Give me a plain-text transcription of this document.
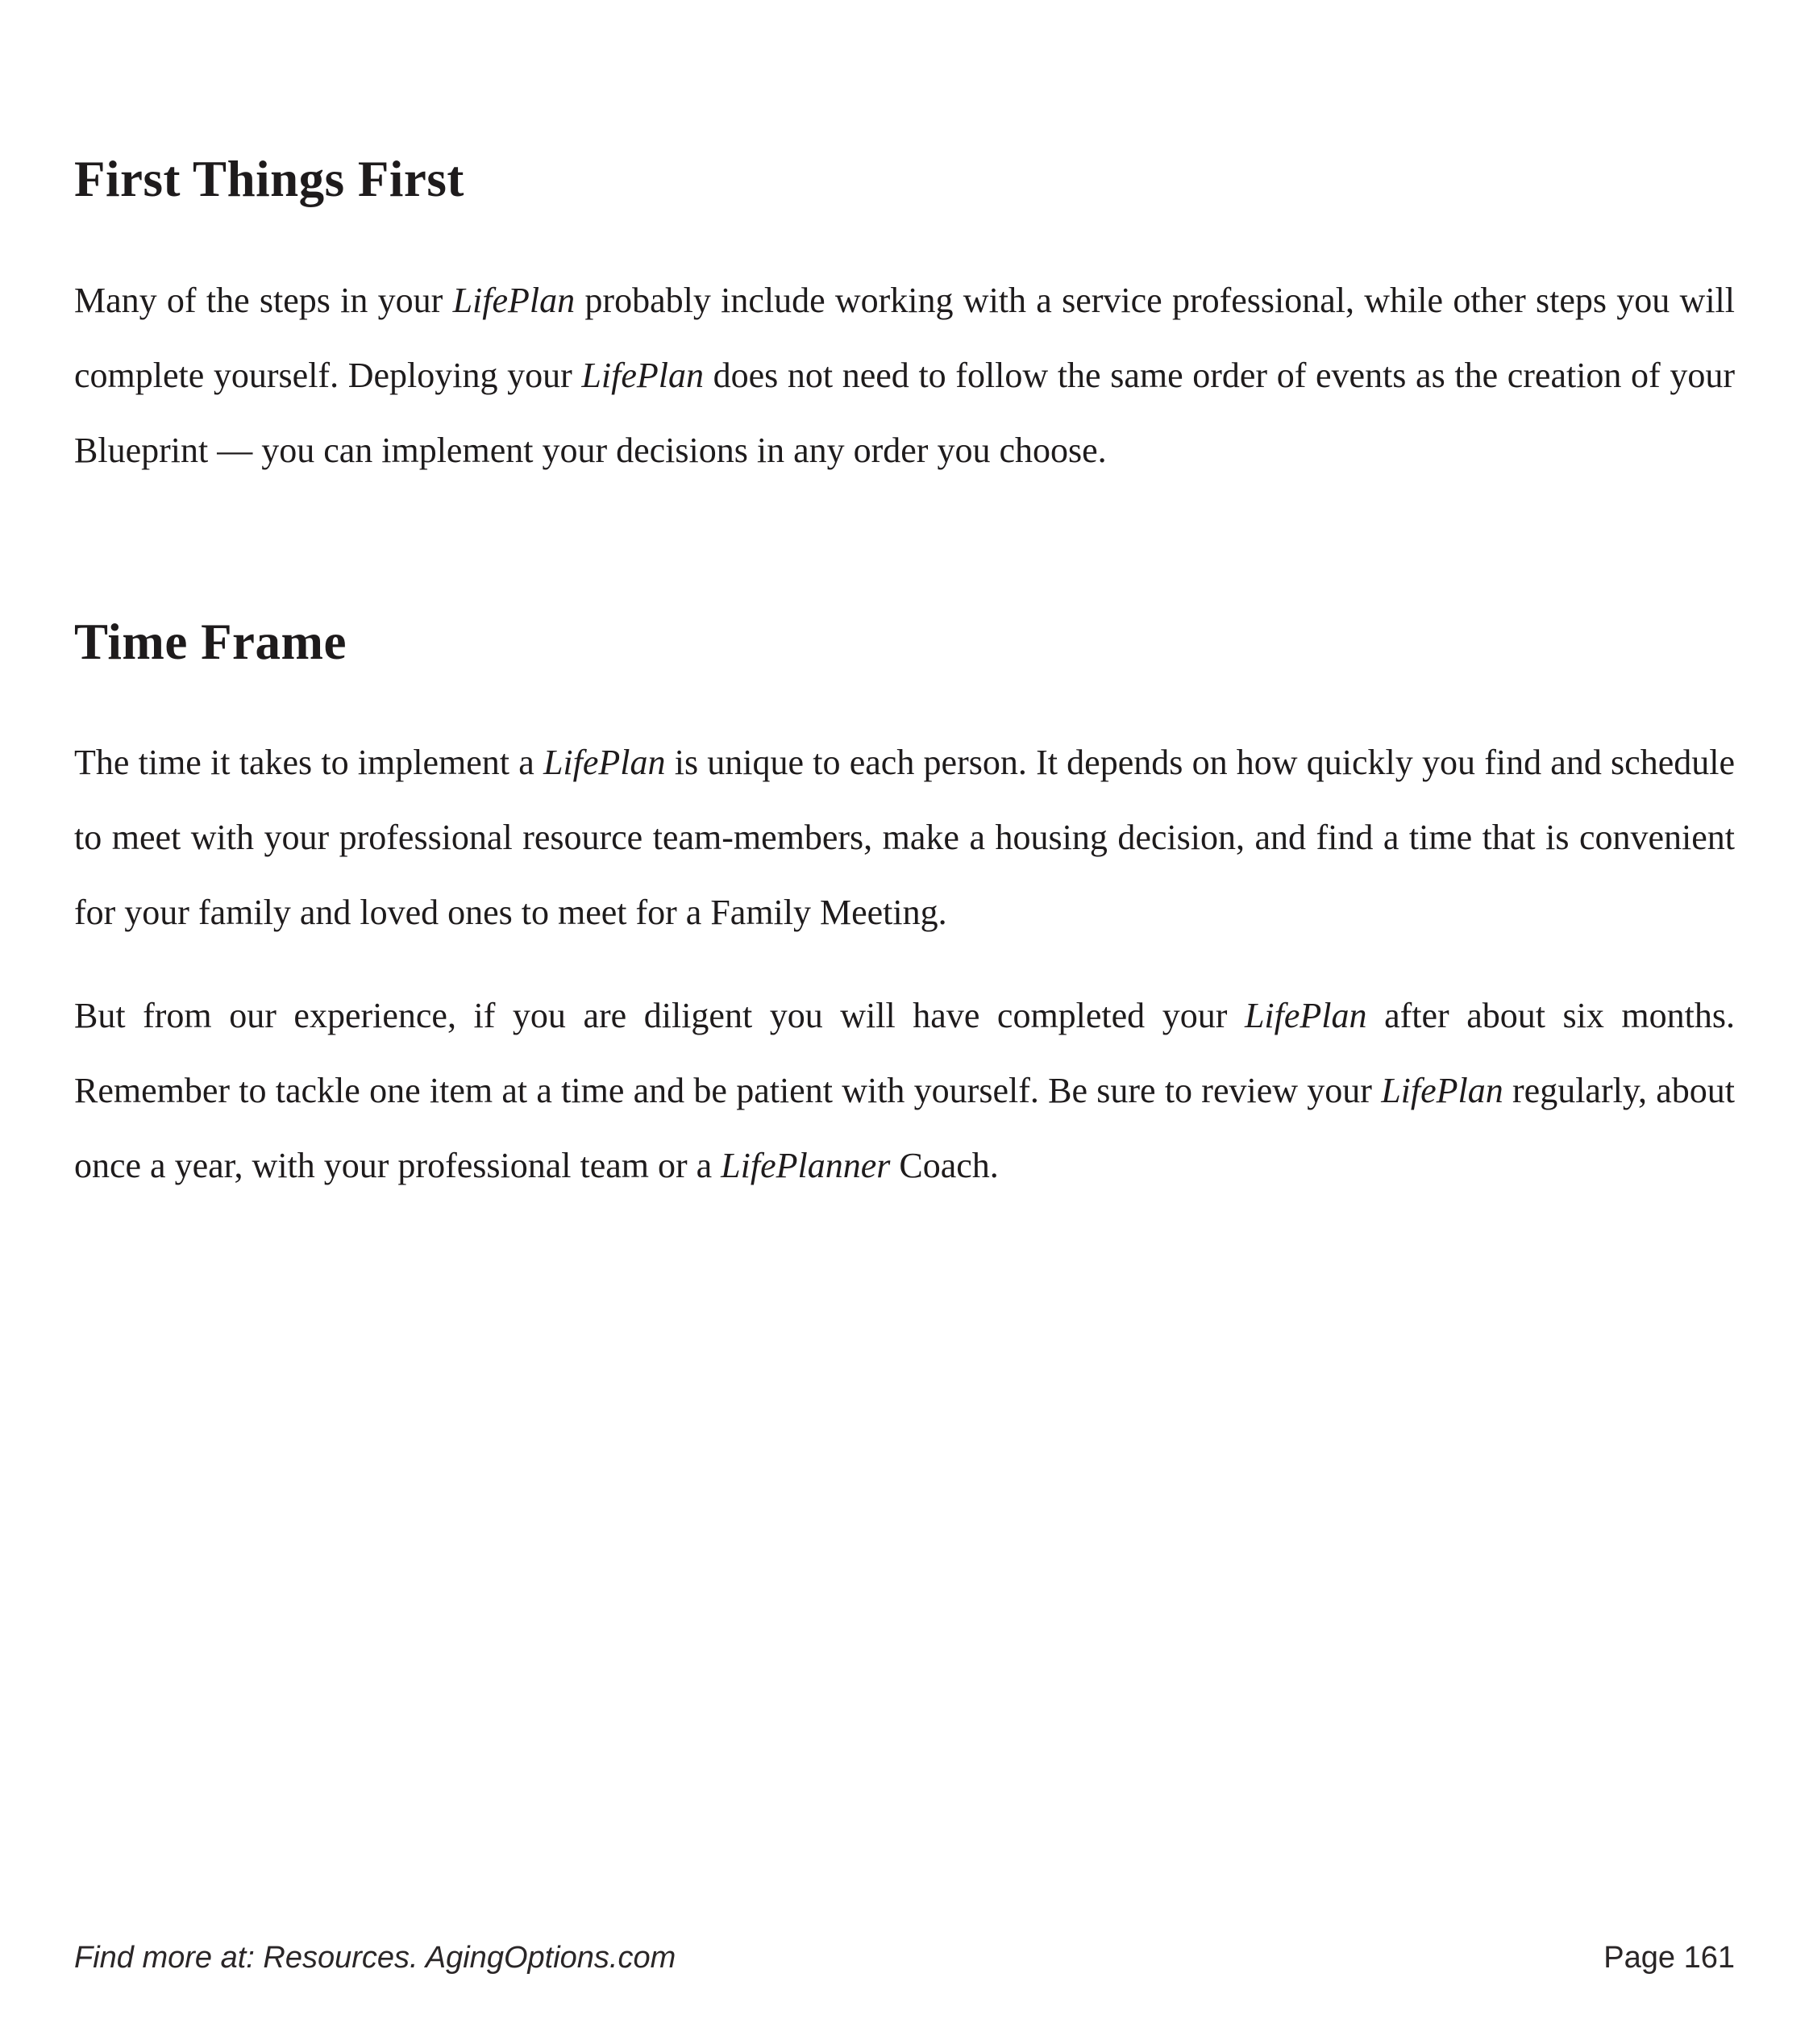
First Things First

Many of the steps in your LifePlan probably include working with a service professional, while other steps you will complete yourself. Deploying your LifePlan does not need to follow the same order of events as the creation of your Blueprint — you can implement your decisions in any order you choose.

Time Frame

The time it takes to implement a LifePlan is unique to each person. It depends on how quickly you find and schedule to meet with your professional resource team-members, make a housing decision, and find a time that is convenient for your family and loved ones to meet for a Family Meeting.

But from our experience, if you are diligent you will have completed your LifePlan after about six months. Remember to tackle one item at a time and be patient with yourself. Be sure to review your LifePlan regularly, about once a year, with your professional team or a LifePlanner Coach.

Find more at: Resources. AgingOptions.com	Page 161
